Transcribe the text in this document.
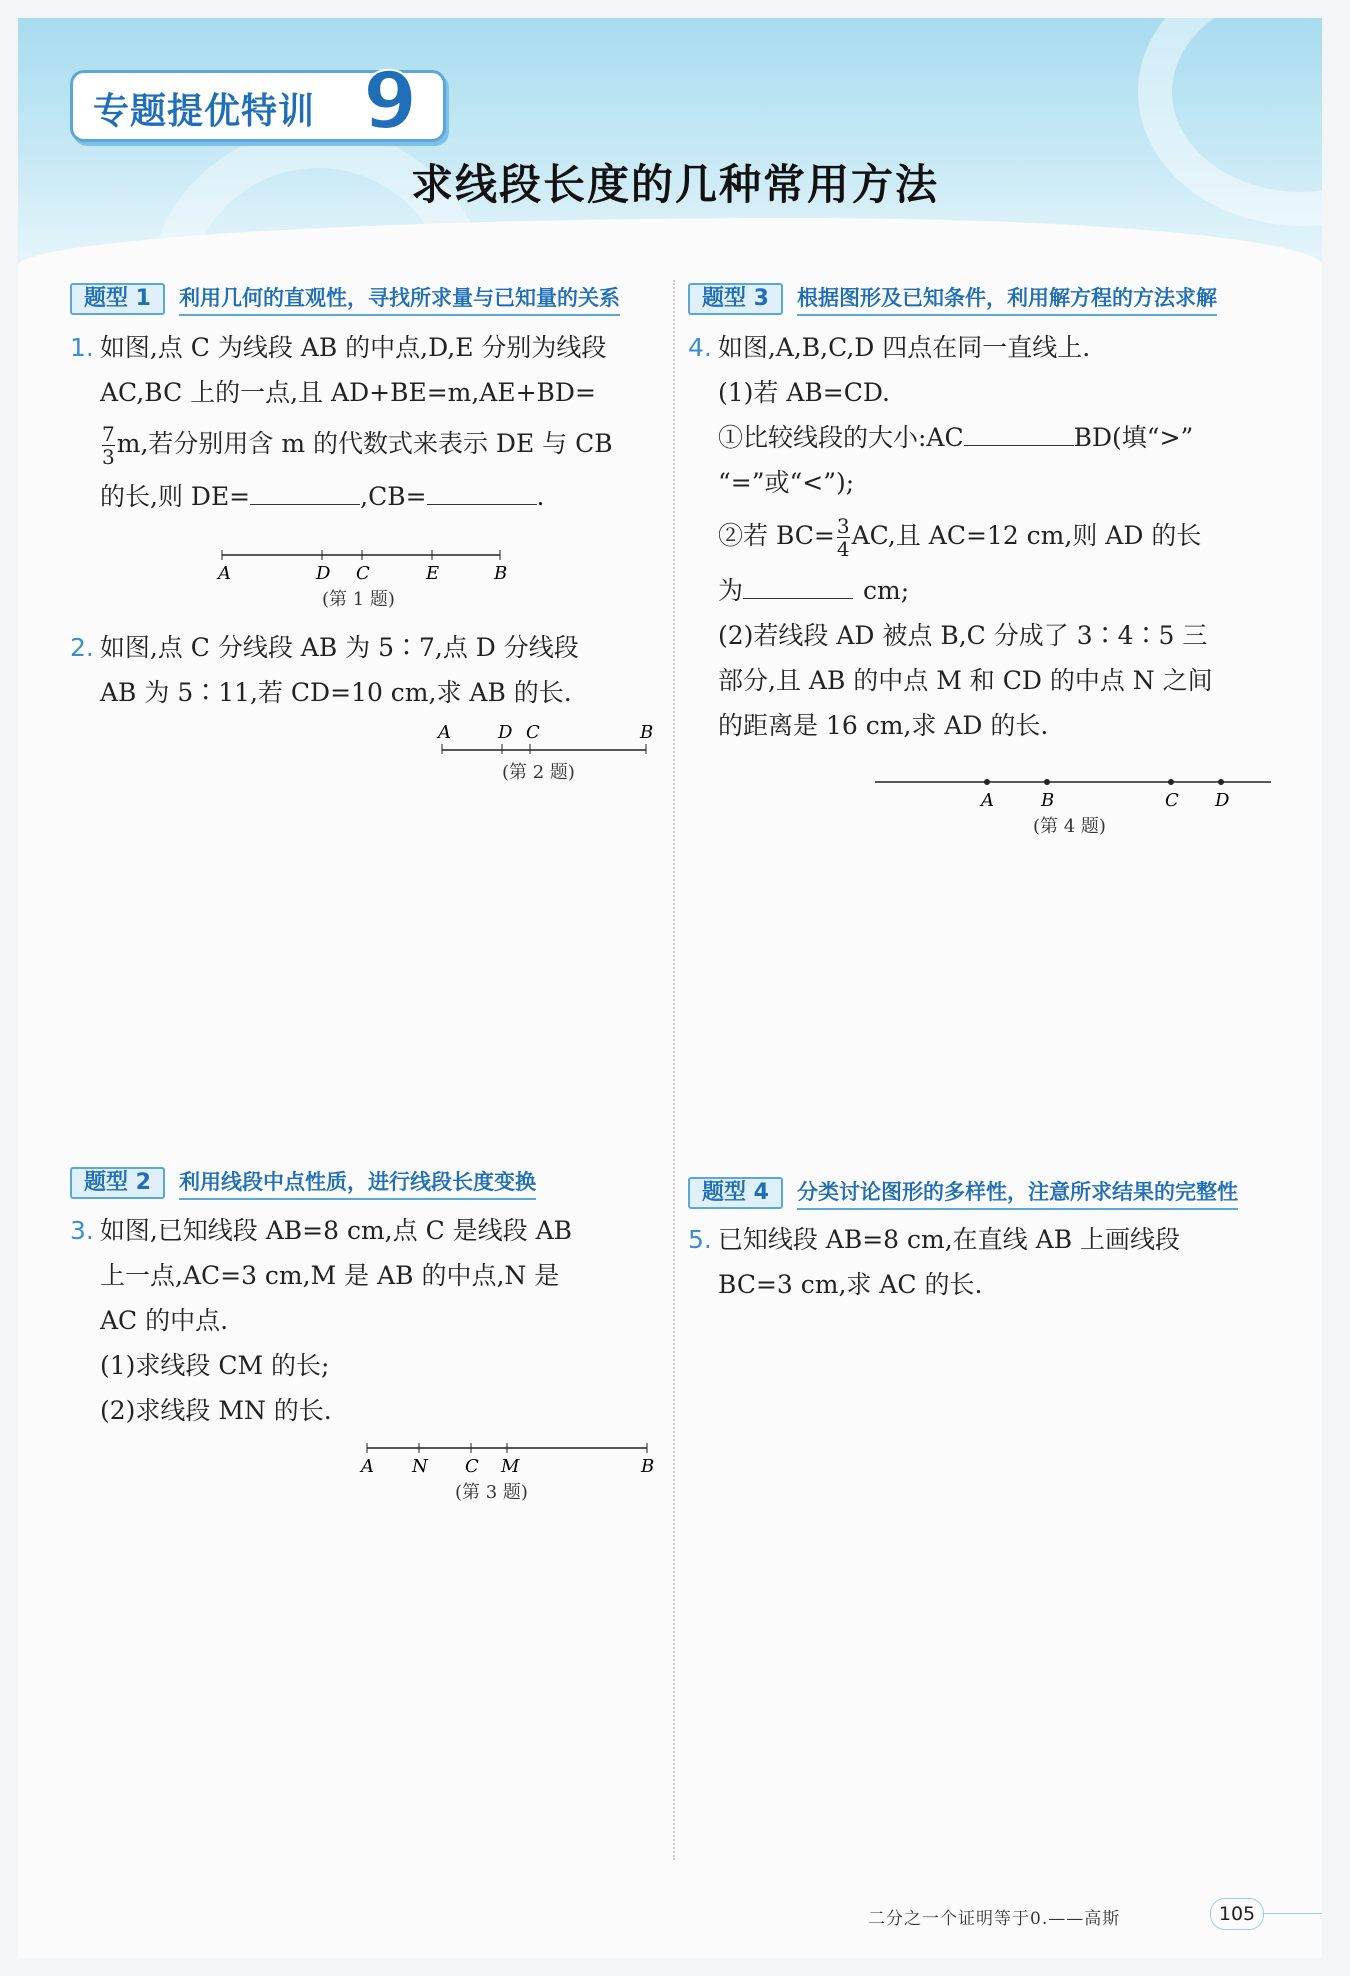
专题提优特训 9
求线段长度的几种常用方法
题型 1	利用几何的直观性，寻找所求量与已知量的关系
题型 2	利用线段中点性质，进行线段长度变换
题型 3	根据图形及已知条件，利用解方程的方法求解
题型 4	分类讨论图形的多样性，注意所求结果的完整性
1. 如图,点 C 为线段 AB 的中点,D,E 分别为线段
AC,BC 上的一点,且 AD+BE=m,AE+BD=
$\frac{7}{3} m$,若分别用含 m 的代数式来表示 DE 与 CB
的长,则 DE=	,CB=	.
A	D C	E	B
(第 1 题)
2. 如图,点 C 分线段 AB 为 5∶7,点 D 分线段
AB 为 5∶11,若 CD=10 cm,求 AB 的长.
A	D C	B
(第 2 题)
3. 如图,已知线段 AB=8 cm,点 C 是线段 AB
上一点,AC=3 cm,M 是 AB 的中点,N 是
AC 的中点.
(1)求线段 CM 的长;
(2)求线段 MN 的长.
A N C M	B
(第 3 题)
4. 如图,A,B,C,D 四点在同一直线上.
(1)若 AB=CD.
①比较线段的大小:AC	BD(填“>”
“=”或“<”);
②若 $BC= \frac{3}{4}$ AC,且 AC=12 cm,则 AD 的长
为	cm;
(2)若线段 AD 被点 B,C 分成了 3∶4∶5 三
部分,且 AB 的中点 M 和 CD 的中点 N 之间
的距离是 16 cm,求 AD 的长.
A	B	C D
(第 4 题)
5. 已知线段 AB=8 cm,在直线 AB 上画线段
BC=3 cm,求 AC 的长.
二分之一个证明等于0.——高斯	105
